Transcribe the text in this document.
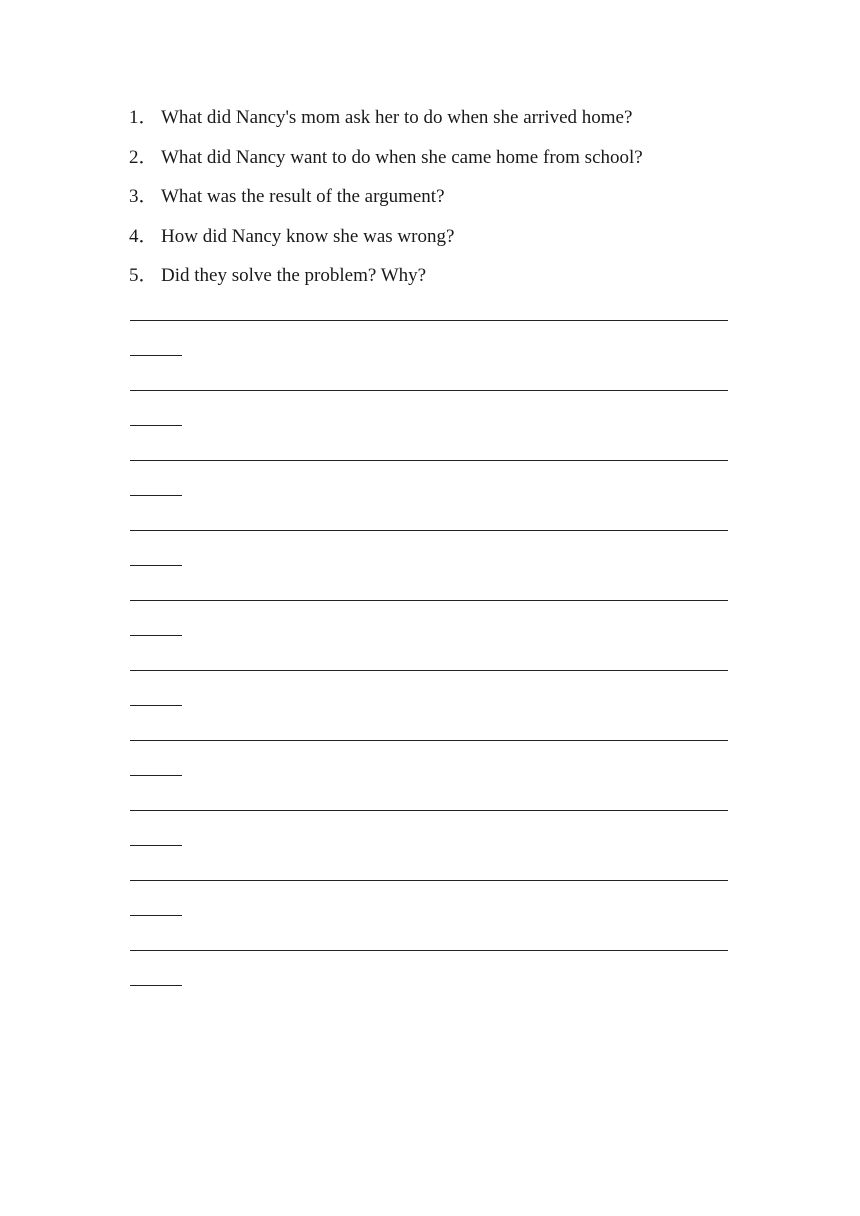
1． What did Nancy's mom ask her to do when she arrived home?
2． What did Nancy want to do when she came home from school?
3． What was the result of the argument?
4． How did Nancy know she was wrong?
5． Did they solve the problem? Why?
